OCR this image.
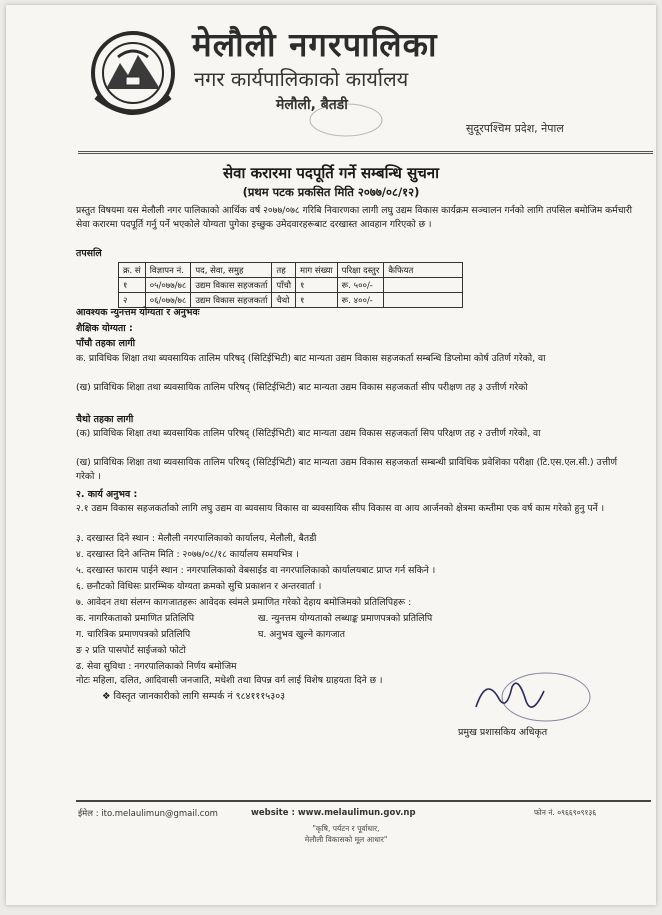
मेलौली नगरपालिका
नगर कार्यपालिकाको कार्यालय
मेलौली, बैतडी
सुदूरपश्चिम प्रदेश, नेपाल
सेवा करारमा पदपूर्ति गर्ने सम्बन्धि सुचना
(प्रथम पटक प्रकसित मिति २०७७/०८/१२)
प्रस्तुत विषयमा यस मेलौली नगर पालिकाको आर्थिक वर्ष २०७७/०७८ गरिबि निवारणका लागी लघु उद्यम विकास कार्यक्रम सञ्चालन गर्नको लागि तपसिल बमोजिम कर्मचारी सेवा करारमा पदपूर्ति गर्नु पर्ने भएकोले योग्यता पुगेका इच्छुक उमेदवारहरूबाट दरखास्त आवहान गरिएको छ ।
तपसलि
क्र. सं	विज्ञापन नं.	पद, सेवा, समुह	तह	माग संख्या	परिक्षा दस्तुर	कैफियत
१	०५/०७७/७८	उद्यम विकास सहजकर्ता	पाँचौ	१	रू. ५००/-	
२	०६/०७७/७८	उद्यम विकास सहजकर्ता	चैथो	१	रू. ४००/-	
आवश्यक न्युनत्तम योग्यता र अनुभवः
शैक्षिक योग्यता :
पाँचौ तहका लागी
क. प्राविधिक शिक्षा तथा ब्यवसायिक तालिम परिषद् (सिटिईभिटी) बाट मान्यता उद्यम विकास सहजकर्ता सम्बन्धि डिप्लोमा कोर्ष उतिर्ण गरेको, वा
(ख) प्राविधिक शिक्षा तथा ब्यवसायिक तालिम परिषद् (सिटिईभिटी) बाट मान्यता उद्यम विकास सहजकर्ता सीप परीक्षण तह ३ उत्तीर्ण गरेको
चैथो तहका लागी
(क) प्राविधिक शिक्षा तथा ब्यवसायिक तालिम परिषद् (सिटिईभिटी) बाट मान्यता उद्यम विकास सहजकर्ता सिप परिक्षण तह २ उत्तीर्ण गरेको, वा
(ख) प्राविधिक शिक्षा तथा ब्यवसायिक तालिम परिषद् (सिटिईभिटी) बाट मान्यता उद्यम विकास सहजकर्ता सम्बन्धी प्राविधिक प्रवेशिका परीक्षा (टि.एस.एल.सी.) उत्तीर्ण गरेको ।
२. कार्य अनुभव :
२.१ उद्यम विकास सहजकर्ताको लागि लघु उद्यम वा ब्यवसाय विकास वा ब्यवसायिक सीप विकास वा आय आर्जनको क्षेत्रमा कम्तीमा एक वर्ष काम गरेको हुनु पर्ने ।
३. दरखास्त दिने स्थान : मेलौली नगरपालिकाको कार्यालय, मेलौली, बैतडी
४. दरखास्त दिने अन्तिम मिति : २०७७/०८/१८ कार्यालय समयभित्र ।
५. दरखास्त फाराम पाईने स्थान : नगरपालिकाको वेबसाईड वा नगरपालिकाको कार्यालयबाट प्राप्त गर्न सकिने ।
६. छनौटको विधिसः प्रारम्भिक योग्यता क्रमको सुचि प्रकाशन र अन्तरवार्ता ।
७. आवेदन तथा संलग्न कागजातहरूः आवेदक स्वंमले प्रमाणित गरेको देहाय बमोजिमको प्रतिलिपिहरू :
क. नागरिकताको प्रमाणित प्रतिलिपि	ख. न्युनत्तम योग्यताको लब्धाङ्क प्रमाणपत्रको प्रतिलिपि
ग. चारित्रिक प्रमाणपत्रको प्रतिलिपि	घ. अनुभव खुल्ने कागजात
ङ २ प्रति पासपोर्ट साईजको फोटो
ढ. सेवा सुविधा : नगरपालिकाको निर्णय बमोजिम
नोटः महिला, दलित, आदिवासी जनजाति, मधेशी तथा विपन्न वर्ग लाई विशेष ग्राहयता दिने छ ।
❖ विस्तृत जानकारीको लागि सम्पर्क नं ९८४१११५३०३
प्रमुख प्रशासकिय अधिकृत
ईमेल : ito.melaulimun@gmail.com	website : www.melaulimun.gov.np	फोन नं. ०९६६९०९१३६
"कृषि, पर्यटन र पूर्वाधार,
मेलौली विकासको मूल आधार"
